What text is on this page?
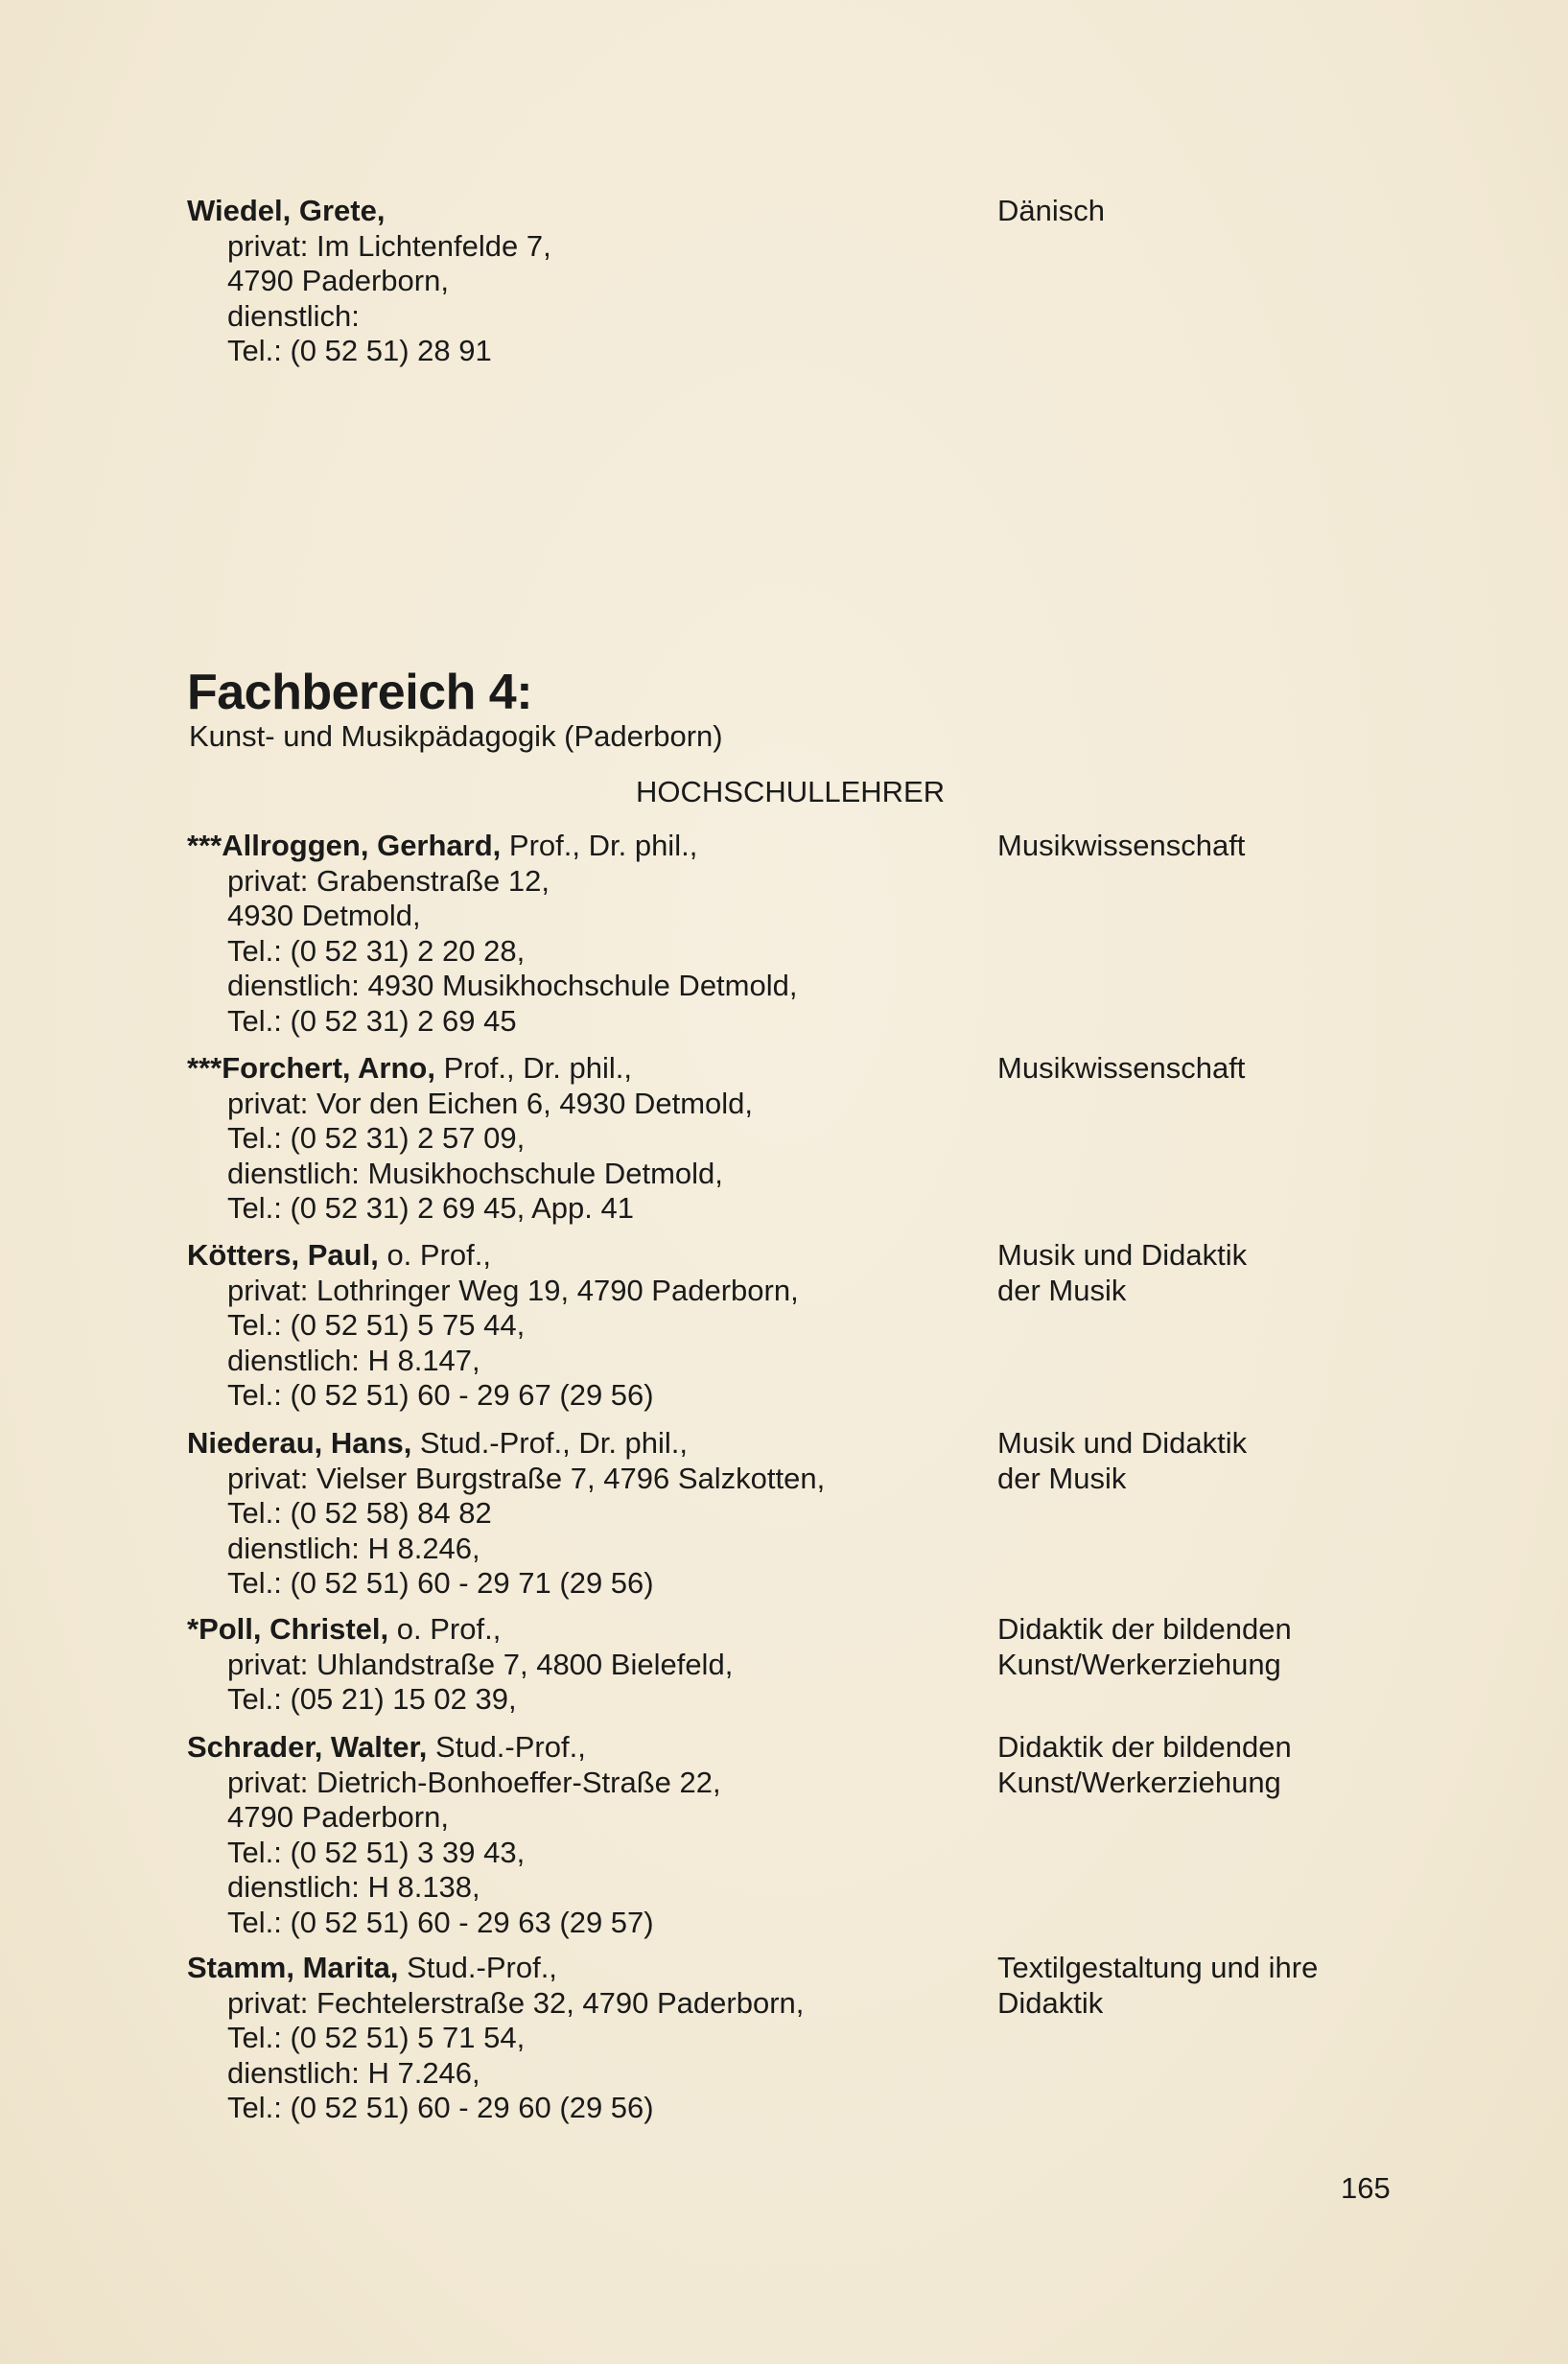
Wiedel, Grete,
privat: Im Lichtenfelde 7,
4790 Paderborn,
dienstlich:
Tel.: (0 52 51) 28 91
Dänisch
Fachbereich 4:
Kunst- und Musikpädagogik (Paderborn)
HOCHSCHULLEHRER
***Allroggen, Gerhard, Prof., Dr. phil.,
privat: Grabenstraße 12,
4930 Detmold,
Tel.: (0 52 31) 2 20 28,
dienstlich: 4930 Musikhochschule Detmold,
Tel.: (0 52 31) 2 69 45
Musikwissenschaft
***Forchert, Arno, Prof., Dr. phil.,
privat: Vor den Eichen 6, 4930 Detmold,
Tel.: (0 52 31) 2 57 09,
dienstlich: Musikhochschule Detmold,
Tel.: (0 52 31) 2 69 45, App. 41
Musikwissenschaft
Kötters, Paul, o. Prof.,
privat: Lothringer Weg 19, 4790 Paderborn,
Tel.: (0 52 51) 5 75 44,
dienstlich: H 8.147,
Tel.: (0 52 51) 60 - 29 67 (29 56)
Musik und Didaktik
der Musik
Niederau, Hans, Stud.-Prof., Dr. phil.,
privat: Vielser Burgstraße 7, 4796 Salzkotten,
Tel.: (0 52 58) 84 82
dienstlich: H 8.246,
Tel.: (0 52 51) 60 - 29 71 (29 56)
Musik und Didaktik
der Musik
*Poll, Christel, o. Prof.,
privat: Uhlandstraße 7, 4800 Bielefeld,
Tel.: (05 21) 15 02 39,
Didaktik der bildenden
Kunst/Werkerziehung
Schrader, Walter, Stud.-Prof.,
privat: Dietrich-Bonhoeffer-Straße 22,
4790 Paderborn,
Tel.: (0 52 51) 3 39 43,
dienstlich: H 8.138,
Tel.: (0 52 51) 60 - 29 63 (29 57)
Didaktik der bildenden
Kunst/Werkerziehung
Stamm, Marita, Stud.-Prof.,
privat: Fechtelerstraße 32, 4790 Paderborn,
Tel.: (0 52 51) 5 71 54,
dienstlich: H 7.246,
Tel.: (0 52 51) 60 - 29 60 (29 56)
Textilgestaltung und ihre
Didaktik
165
